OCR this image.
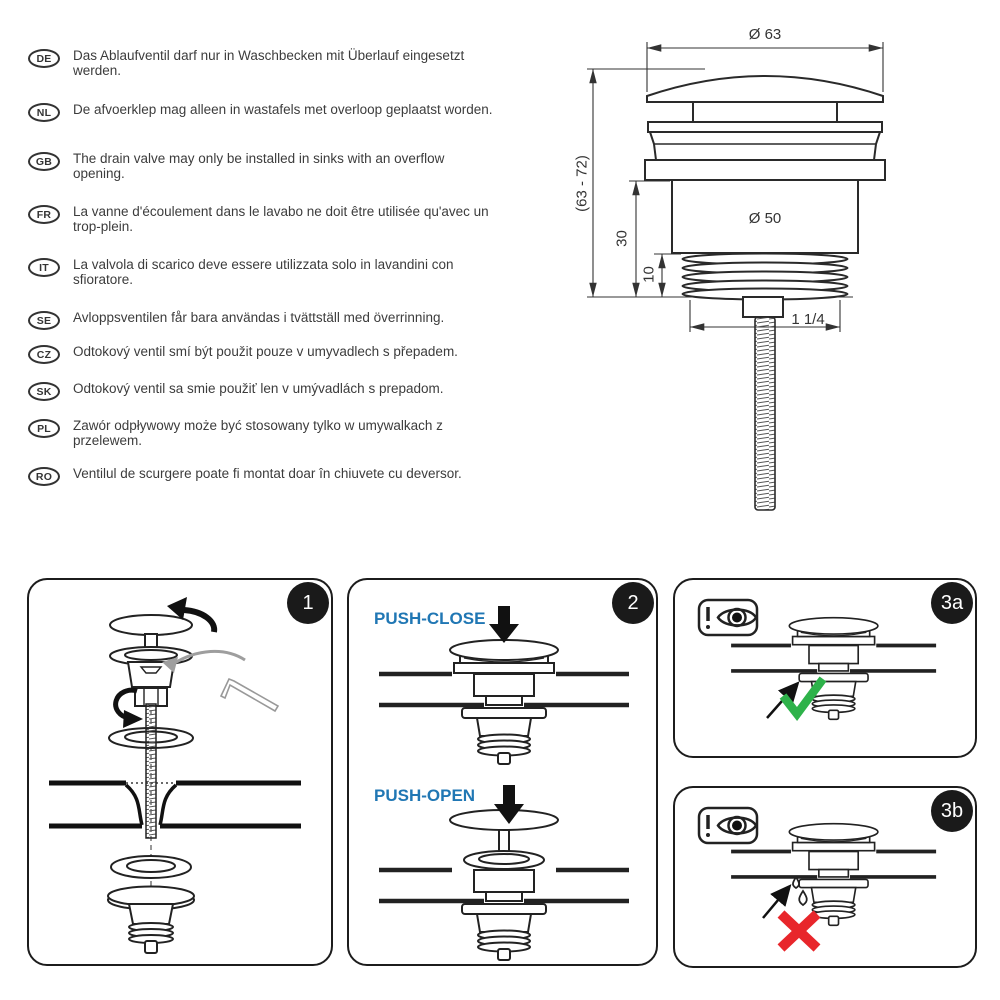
DE	Das Ablaufventil darf nur in Waschbecken mit Überlauf eingesetzt werden.
NL	De afvoerklep mag alleen in wastafels met overloop geplaatst worden.
GB	The drain valve may only be installed in sinks with an overflow opening.
FR	La vanne d'écoulement dans le lavabo ne doit être utilisée qu'avec un trop-plein.
IT	La valvola di scarico deve essere utilizzata solo in lavandini con sfioratore.
SE	Avloppsventilen får bara användas i tvättställ med överrinning.
CZ	Odtokový ventil smí být použit pouze v umyvadlech s přepadem.
SK	Odtokový ventil sa smie použiť len v umývadlách s prepadom.
PL	Zawór odpływowy może być stosowany tylko w umywalkach z przelewem.
RO	Ventilul de scurgere poate fi montat doar în chiuvete cu deversor.
Ø 63
(63 - 72)
30
Ø 50
10
1 1/4
1	2
PUSH-CLOSE
PUSH-OPEN
3a
3b
